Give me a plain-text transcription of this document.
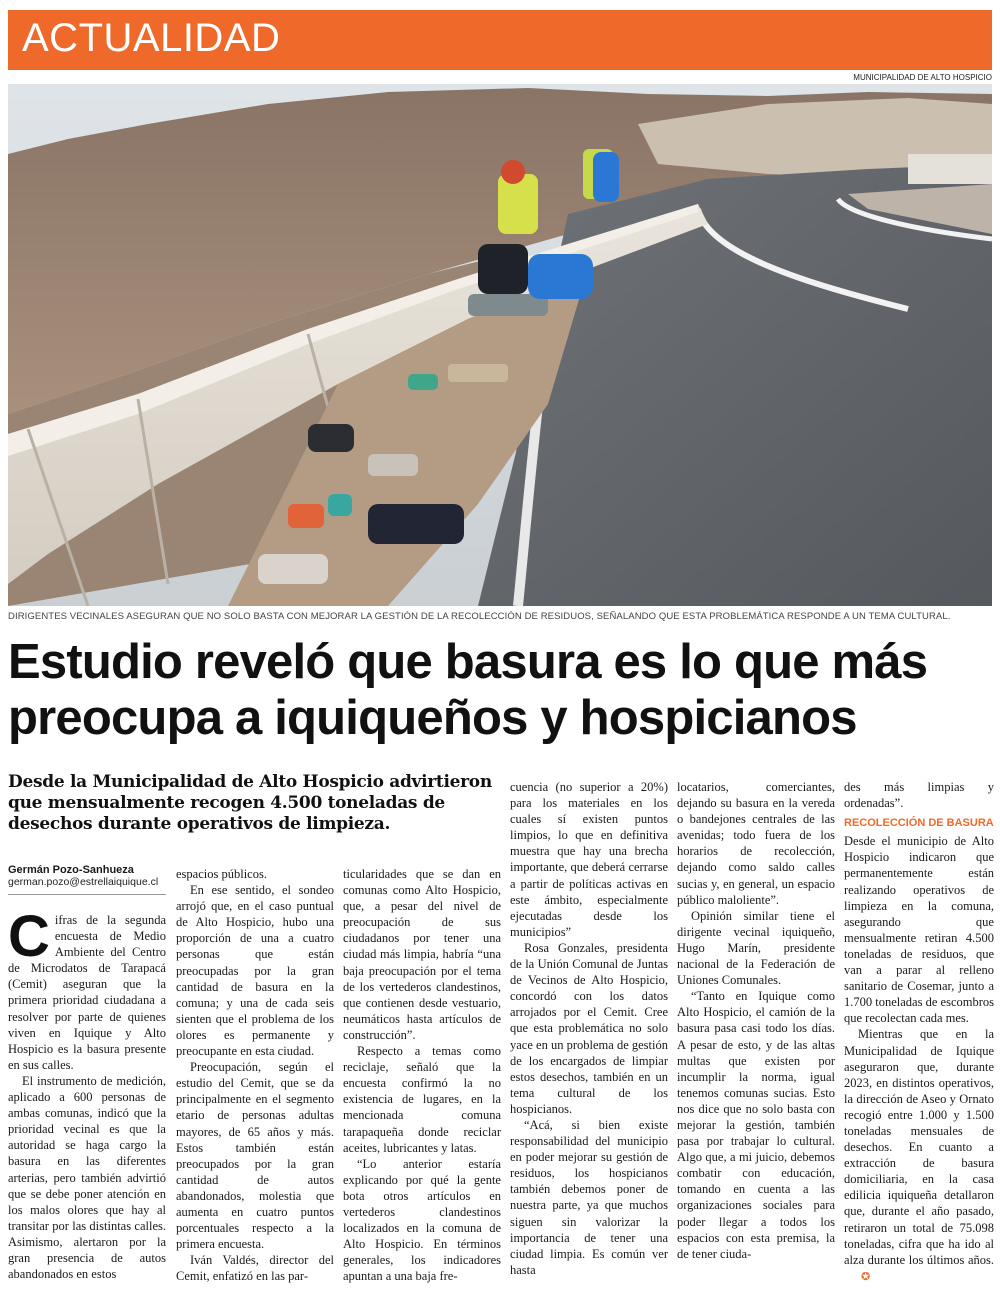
ACTUALIDAD
MUNICIPALIDAD DE ALTO HOSPICIO
DIRIGENTES VECINALES ASEGURAN QUE NO SOLO BASTA CON MEJORAR LA GESTIÓN DE LA RECOLECCIÓN DE RESIDUOS, SEÑALANDO QUE ESTA PROBLEMÁTICA RESPONDE A UN TEMA CULTURAL.
Estudio reveló que basura es lo que más
preocupa a iquiqueños y hospicianos

Desde la Municipalidad de Alto Hospicio advirtieron que mensualmente recogen 4.500 toneladas de desechos durante operativos de limpieza.

Germán Pozo-Sanhueza
german.pozo@estrellaiquique.cl

Cifras de la segunda encuesta de Medio Ambiente del Centro de Microdatos de Tarapacá (Cemit) aseguran que la primera prioridad ciudadana a resolver por parte de quienes viven en Iquique y Alto Hospicio es la basura presente en sus calles.

El instrumento de medición, aplicado a 600 personas de ambas comunas, indicó que la prioridad vecinal es que la autoridad se haga cargo la basura en las diferentes arterias, pero también advirtió que se debe poner atención en los malos olores que hay al transitar por las distintas calles. Asimismo, alertaron por la gran presencia de autos abandonados en estos

espacios públicos.

En ese sentido, el sondeo arrojó que, en el caso puntual de Alto Hospicio, hubo una proporción de una a cuatro personas que están preocupadas por la gran cantidad de basura en la comuna; y una de cada seis sienten que el problema de los olores es permanente y preocupante en esta ciudad.

Preocupación, según el estudio del Cemit, que se da principalmente en el segmento etario de personas adultas mayores, de 65 años y más. Estos también están preocupados por la gran cantidad de autos abandonados, molestia que aumenta en cuatro puntos porcentuales respecto a la primera encuesta.

Iván Valdés, director del Cemit, enfatizó en las par-

ticularidades que se dan en comunas como Alto Hospicio, que, a pesar del nivel de preocupación de sus ciudadanos por tener una ciudad más limpia, habría “una baja preocupación por el tema de los vertederos clandestinos, que contienen desde vestuario, neumáticos hasta artículos de construcción”.

Respecto a temas como reciclaje, señaló que la encuesta confirmó la no existencia de lugares, en la mencionada comuna tarapaqueña donde reciclar aceites, lubricantes y latas.

“Lo anterior estaría explicando por qué la gente bota otros artículos en vertederos clandestinos localizados en la comuna de Alto Hospicio. En términos generales, los indicadores apuntan a una baja fre-

cuencia (no superior a 20%) para los materiales en los cuales sí existen puntos limpios, lo que en definitiva muestra que hay una brecha importante, que deberá cerrarse a partir de políticas activas en este ámbito, especialmente ejecutadas desde los municipios”

Rosa Gonzales, presidenta de la Unión Comunal de Juntas de Vecinos de Alto Hospicio, concordó con los datos arrojados por el Cemit. Cree que esta problemática no solo yace en un problema de gestión de los encargados de limpiar estos desechos, también en un tema cultural de los hospicianos.

“Acá, si bien existe responsabilidad del municipio en poder mejorar su gestión de residuos, los hospicianos también debemos poner de nuestra parte, ya que muchos siguen sin valorizar la importancia de tener una ciudad limpia. Es común ver hasta

locatarios, comerciantes, dejando su basura en la vereda o bandejones centrales de las avenidas; todo fuera de los horarios de recolección, dejando como saldo calles sucias y, en general, un espacio público maloliente”.

Opinión similar tiene el dirigente vecinal iquiqueño, Hugo Marín, presidente nacional de la Federación de Uniones Comunales.

“Tanto en Iquique como Alto Hospicio, el camión de la basura pasa casi todo los días. A pesar de esto, y de las altas multas que existen por incumplir la norma, igual tenemos comunas sucias. Esto nos dice que no solo basta con mejorar la gestión, también pasa por trabajar lo cultural. Algo que, a mi juicio, debemos combatir con educación, tomando en cuenta a las organizaciones sociales para poder llegar a todos los espacios con esta premisa, la de tener ciuda-

des más limpias y ordenadas”.

RECOLECCIÓN DE BASURA

Desde el municipio de Alto Hospicio indicaron que permanentemente están realizando operativos de limpieza en la comuna, asegurando que mensualmente retiran 4.500 toneladas de residuos, que van a parar al relleno sanitario de Cosemar, junto a 1.700 toneladas de escombros que recolectan cada mes.

Mientras que en la Municipalidad de Iquique aseguraron que, durante 2023, en distintos operativos, la dirección de Aseo y Ornato recogió entre 1.000 y 1.500 toneladas mensuales de desechos. En cuanto a extracción de basura domiciliaria, en la casa edilicia iquiqueña detallaron que, durante el año pasado, retiraron un total de 75.098 toneladas, cifra que ha ido al alza durante los últimos años.✪
